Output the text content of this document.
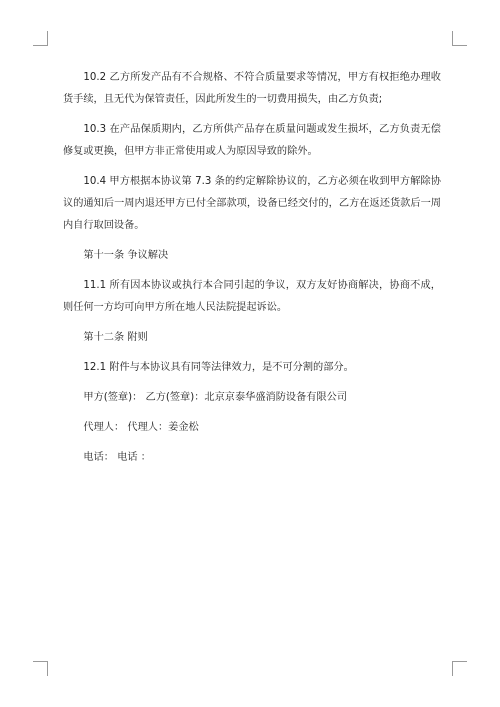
10.2 乙方所发产品有不合规格、不符合质量要求等情况，甲方有权拒绝办理收货手续，且无代为保管责任，因此所发生的一切费用损失，由乙方负责;

10.3 在产品保质期内，乙方所供产品存在质量问题或发生损坏，乙方负责无偿修复或更换，但甲方非正常使用或人为原因导致的除外。

10.4 甲方根据本协议第 7.3 条的约定解除协议的，乙方必须在收到甲方解除协议的通知后一周内退还甲方已付全部款项，设备已经交付的，乙方在返还货款后一周内自行取回设备。

第十一条 争议解决

11.1 所有因本协议或执行本合同引起的争议，双方友好协商解决，协商不成，则任何一方均可向甲方所在地人民法院提起诉讼。

第十二条 附则

12.1 附件与本协议具有同等法律效力，是不可分割的部分。

甲方(签章)： 乙方(签章)：北京京泰华盛消防设备有限公司

代理人： 代理人：姜金松

电话： 电话 ：
